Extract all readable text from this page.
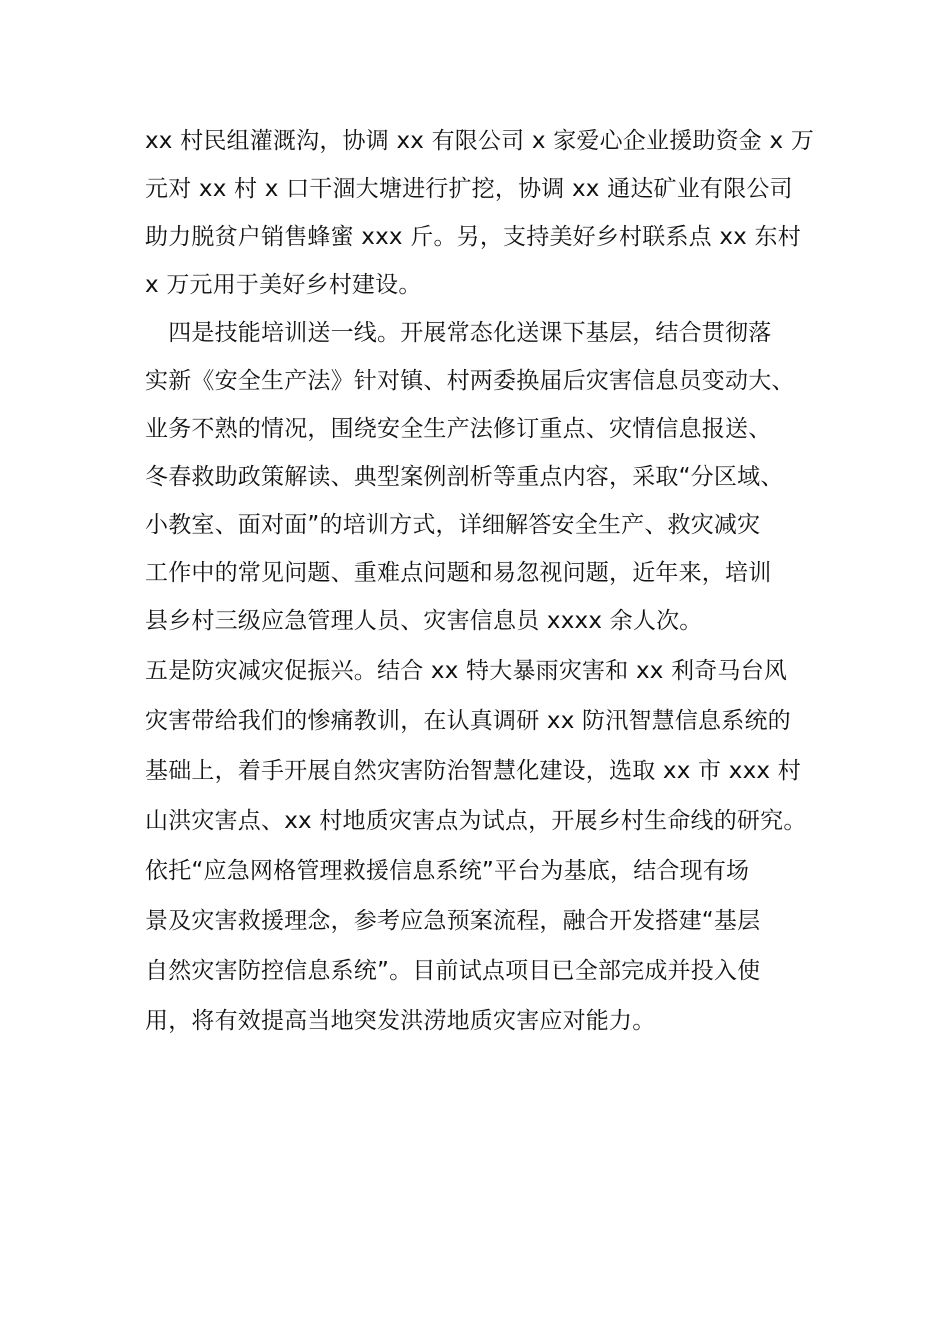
xx 村民组灌溉沟，协调 xx 有限公司 x 家爱心企业援助资金 x 万
元对 xx 村 x 口干涸大塘进行扩挖，协调 xx 通达矿业有限公司
助力脱贫户销售蜂蜜 xxx 斤。另，支持美好乡村联系点 xx 东村
x 万元用于美好乡村建设。
　四是技能培训送一线。开展常态化送课下基层，结合贯彻落
实新《安全生产法》针对镇、村两委换届后灾害信息员变动大、
业务不熟的情况，围绕安全生产法修订重点、灾情信息报送、
冬春救助政策解读、典型案例剖析等重点内容，采取“分区域、
小教室、面对面”的培训方式，详细解答安全生产、救灾减灾
工作中的常见问题、重难点问题和易忽视问题，近年来，培训
县乡村三级应急管理人员、灾害信息员 xxxx 余人次。
五是防灾减灾促振兴。结合 xx 特大暴雨灾害和 xx 利奇马台风
灾害带给我们的惨痛教训，在认真调研 xx 防汛智慧信息系统的
基础上，着手开展自然灾害防治智慧化建设，选取 xx 市 xxx 村
山洪灾害点、xx 村地质灾害点为试点，开展乡村生命线的研究。
依托“应急网格管理救援信息系统”平台为基底，结合现有场
景及灾害救援理念，参考应急预案流程，融合开发搭建“基层
自然灾害防控信息系统”。目前试点项目已全部完成并投入使
用，将有效提高当地突发洪涝地质灾害应对能力。
